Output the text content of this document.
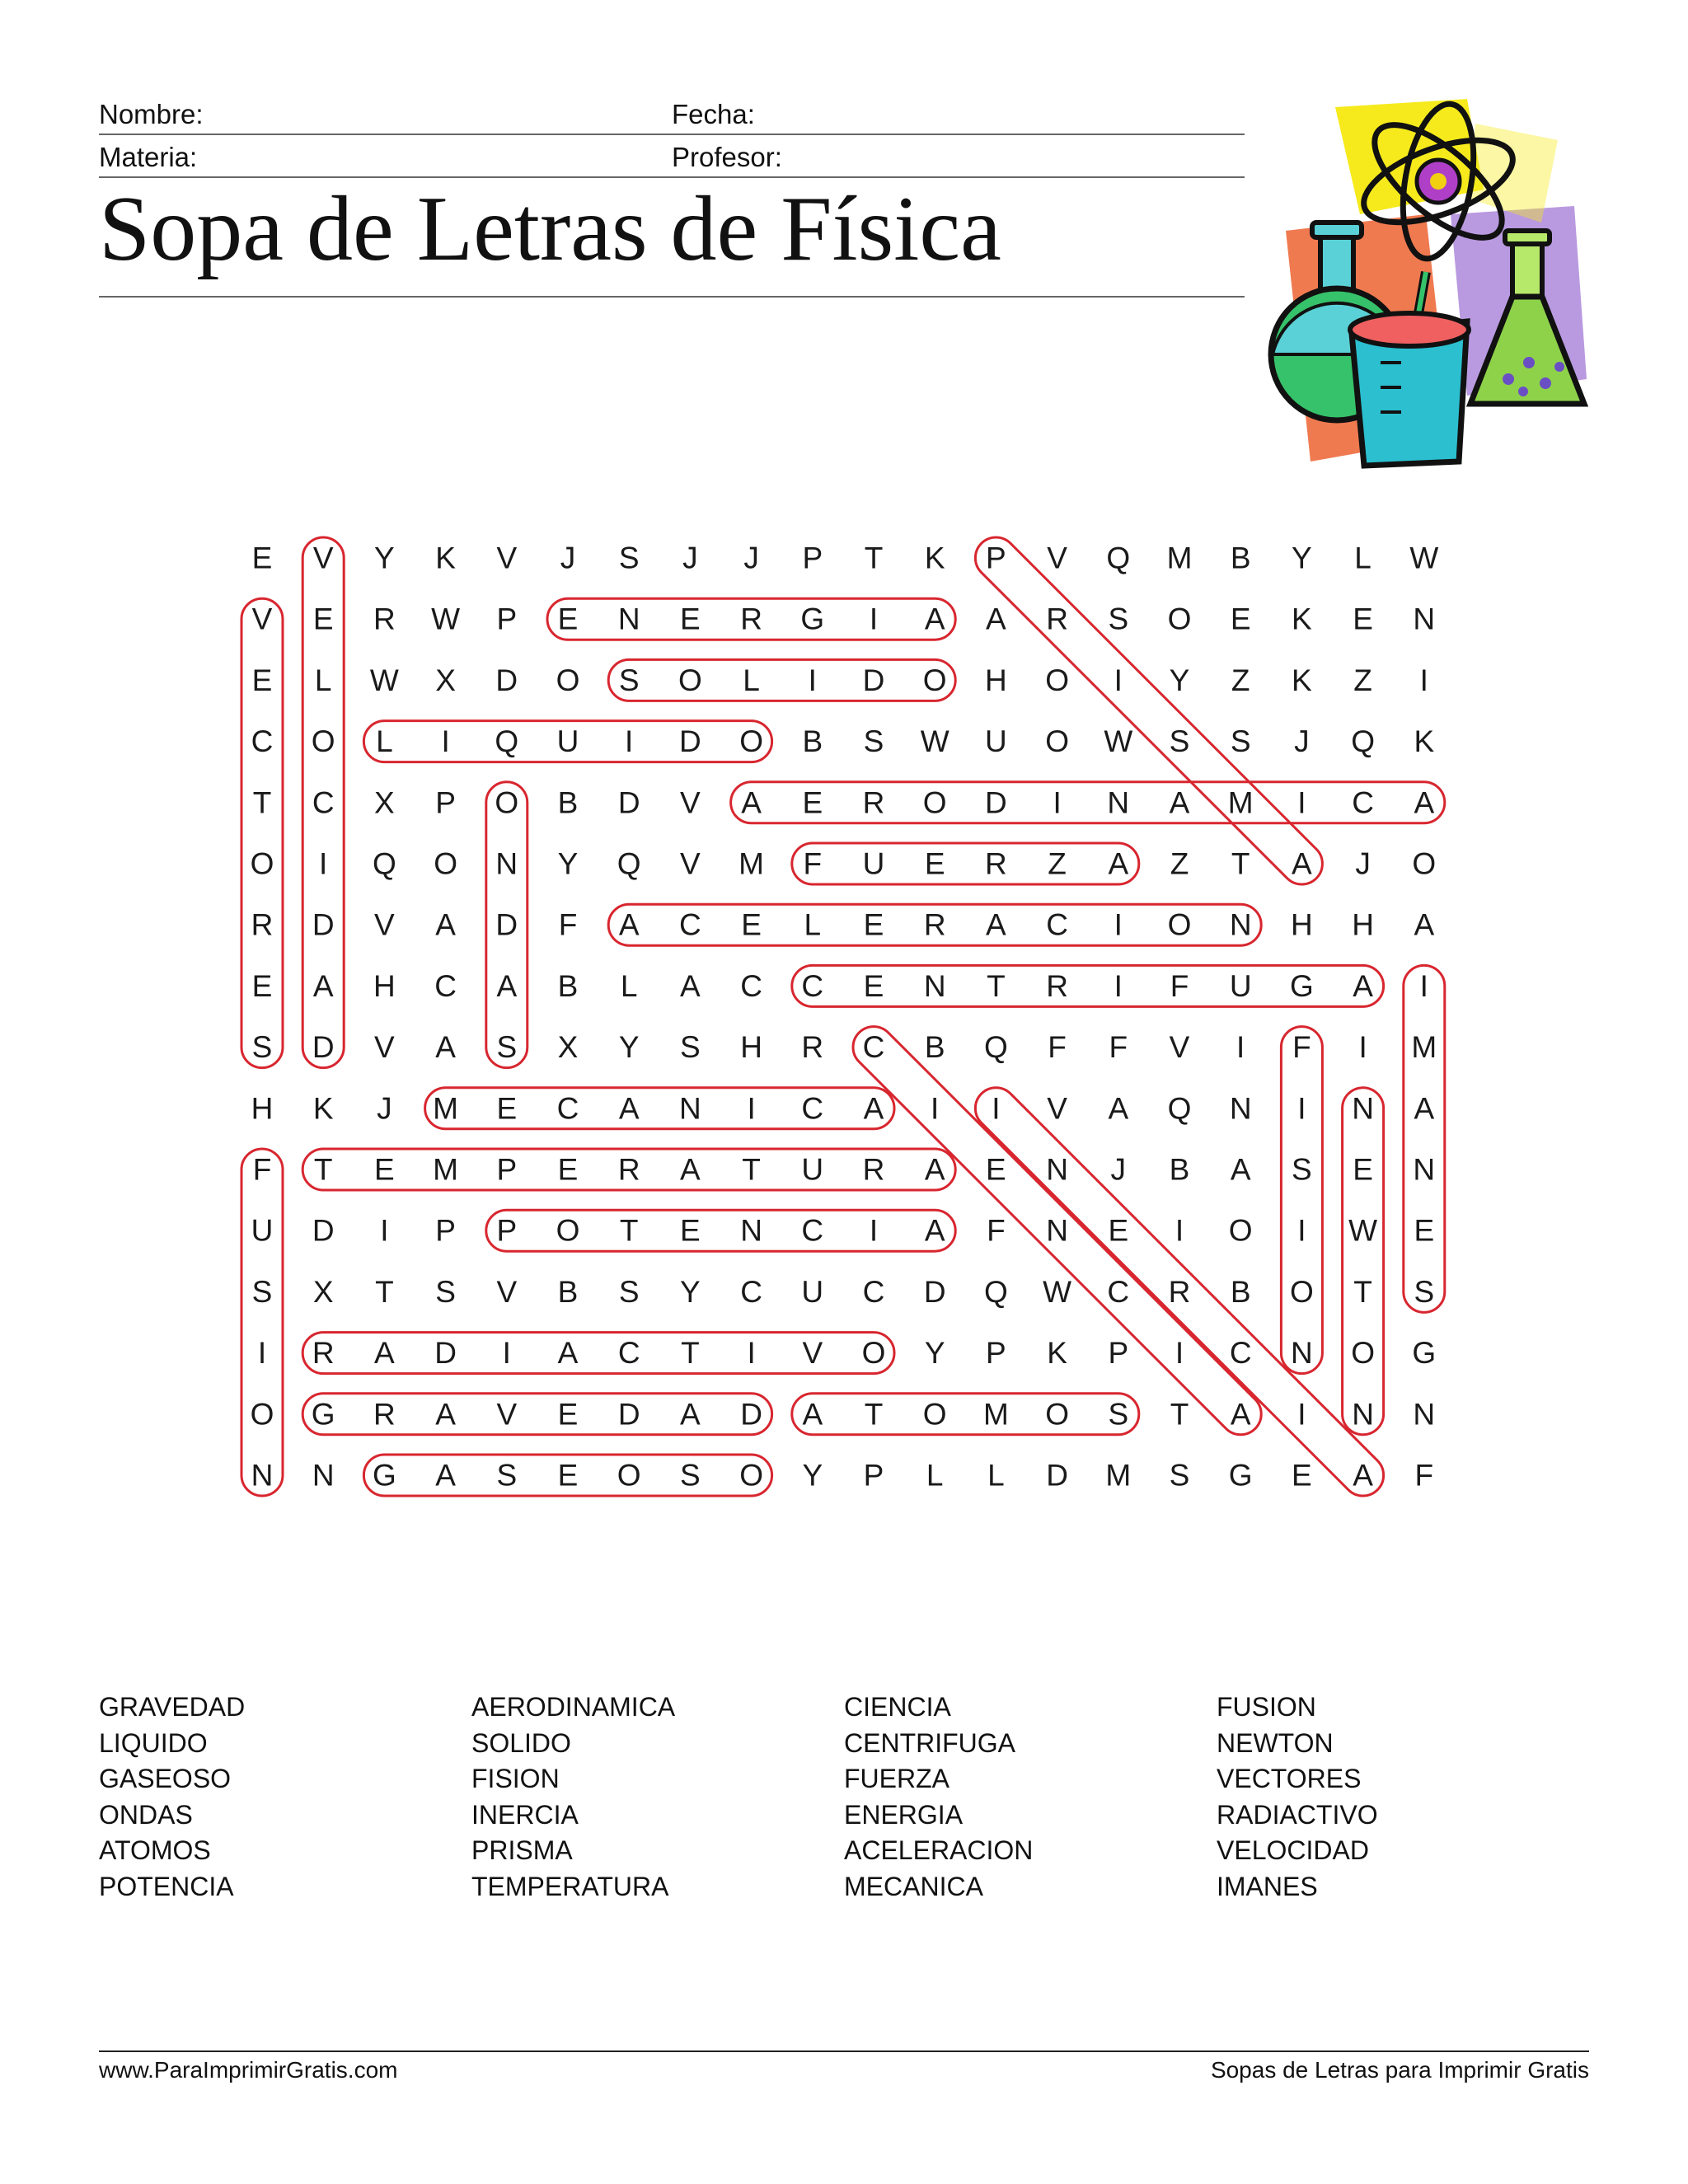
Nombre:	Fecha:
Materia:	Profesor:
Sopa de Letras de Física
E V Y K V J S J J P T K P V Q M B Y L W
V E R W P E N E R G I A A R S O E K E N
E L W X D O S O L I D O H O I Y Z K Z I
C O L I Q U I D O B S W U O W S S J Q K
T C X P O B D V A E R O D I N A M I C A
O I Q O N Y Q V M F U E R Z A Z T A J O
R D V A D F A C E L E R A C I O N H H A
E A H C A B L A C C E N T R I F U G A I
S D V A S X Y S H R C B Q F F V I F I M
H K J M E C A N I C A I I V A Q N I N A
F T E M P E R A T U R A E N J B A S E N
U D I P P O T E N C I A F N E I O I W E
S X T S V B S Y C U C D Q W C R B O T S
I R A D I A C T I V O Y P K P I C N O G
O G R A V E D A D A T O M O S T A I N N
N N G A S E O S O Y P L L D M S G E A F
GRAVEDAD
LIQUIDO
GASEOSO
ONDAS
ATOMOS
POTENCIA
AERODINAMICA
SOLIDO
FISION
INERCIA
PRISMA
TEMPERATURA
CIENCIA
CENTRIFUGA
FUERZA
ENERGIA
ACELERACION
MECANICA
FUSION
NEWTON
VECTORES
RADIACTIVO
VELOCIDAD
IMANES
www.ParaImprimirGratis.com	Sopas de Letras para Imprimir Gratis
